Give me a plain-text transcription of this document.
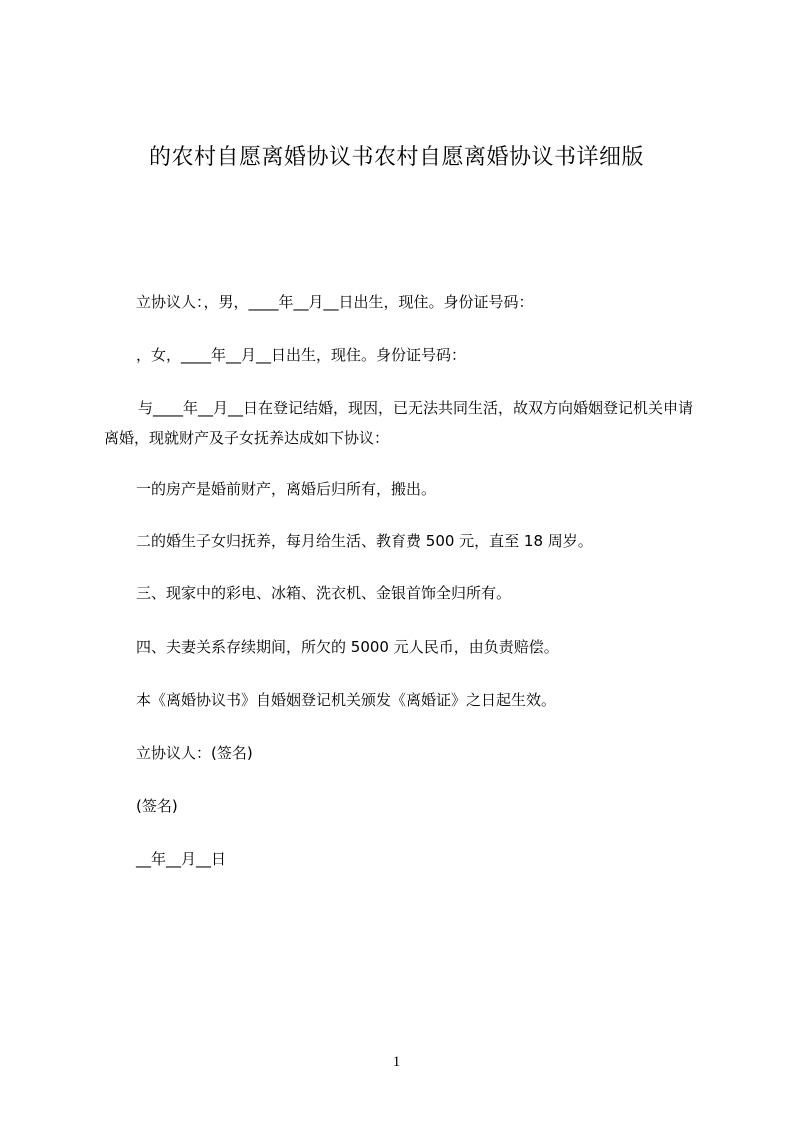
的农村自愿离婚协议书农村自愿离婚协议书详细版
立协议人：，男，____年__月__日出生，现住。身份证号码：
，女，____年__月__日出生，现住。身份证号码：
与____年__月__日在登记结婚，现因，已无法共同生活，故双方向婚姻登记机关申请离婚，现就财产及子女抚养达成如下协议：
一的房产是婚前财产，离婚后归所有，搬出。
二的婚生子女归抚养，每月给生活、教育费 500 元，直至 18 周岁。
三、现家中的彩电、冰箱、洗衣机、金银首饰全归所有。
四、夫妻关系存续期间，所欠的 5000 元人民币，由负责赔偿。
本《离婚协议书》自婚姻登记机关颁发《离婚证》之日起生效。
立协议人：(签名)
(签名)
__年__月__日
1
